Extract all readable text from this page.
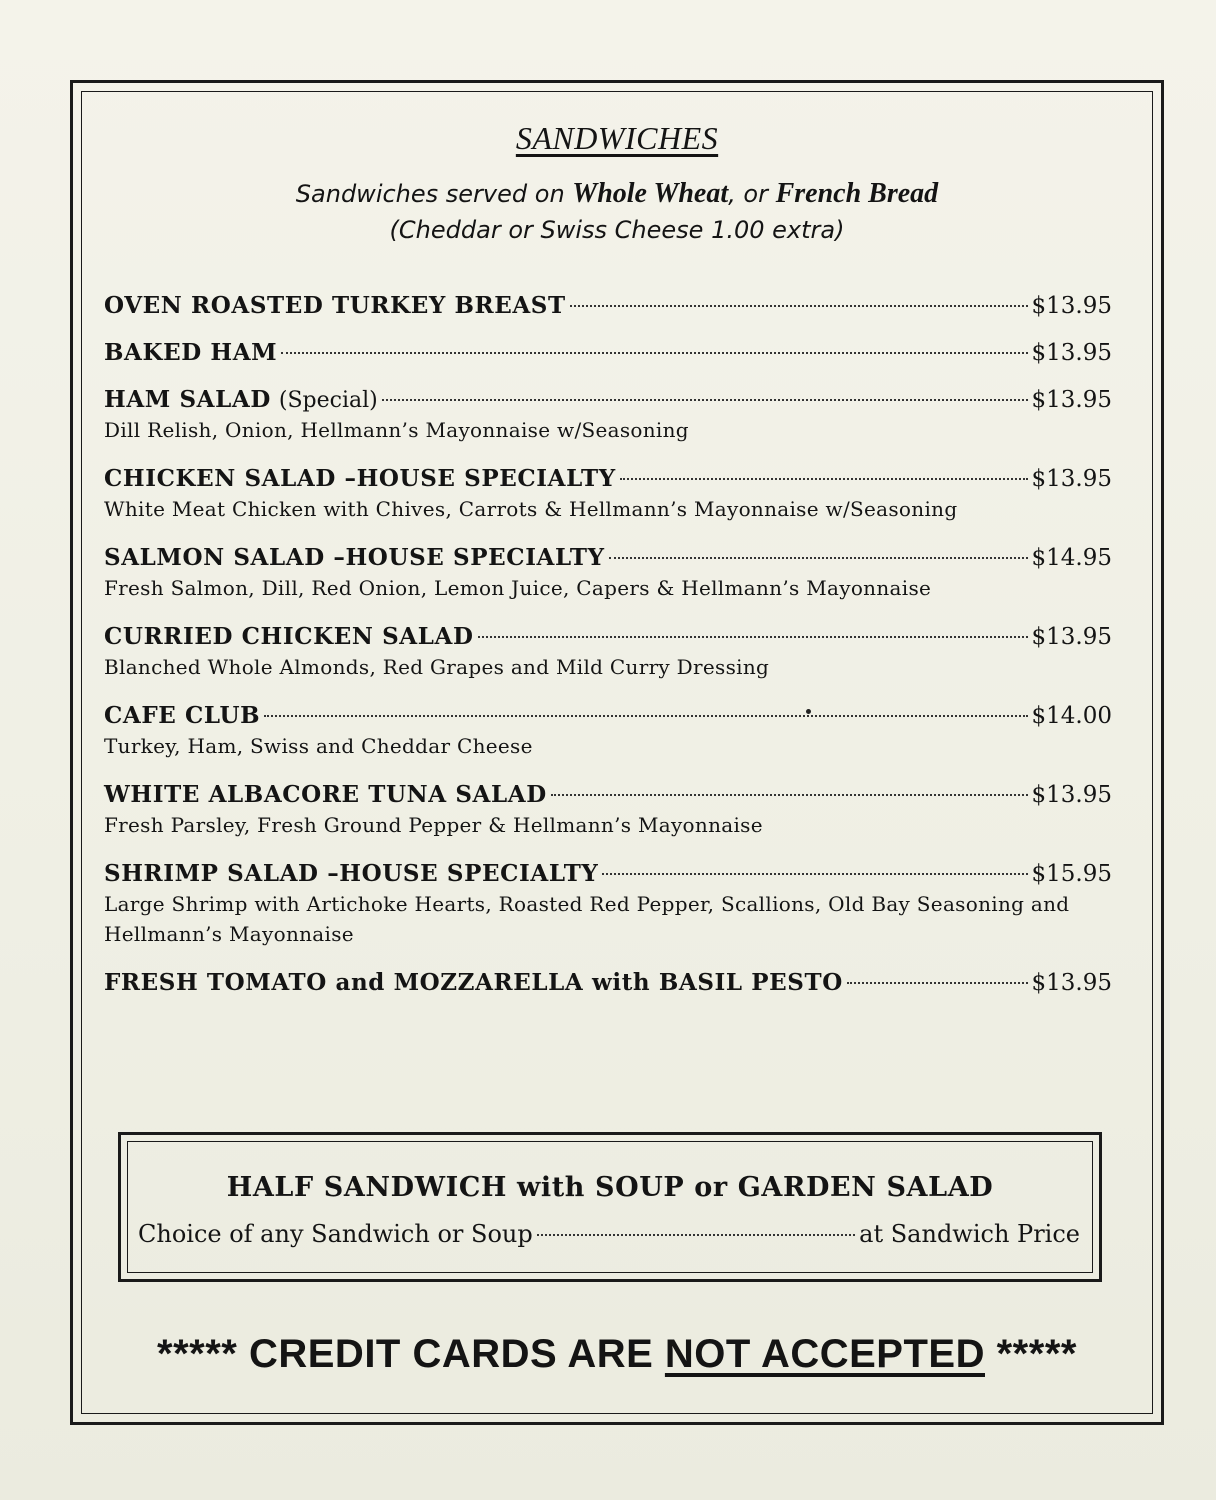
SANDWICHES
Sandwiches served on Whole Wheat, or French Bread
(Cheddar or Swiss Cheese 1.00 extra)
OVEN ROASTED TURKEY BREAST	$13.95
BAKED HAM	$13.95
HAM SALAD (Special)	$13.95
Dill Relish, Onion, Hellmann’s Mayonnaise w/Seasoning
CHICKEN SALAD –HOUSE SPECIALTY	$13.95
White Meat Chicken with Chives, Carrots & Hellmann’s Mayonnaise w/Seasoning
SALMON SALAD –HOUSE SPECIALTY	$14.95
Fresh Salmon, Dill, Red Onion, Lemon Juice, Capers & Hellmann’s Mayonnaise
CURRIED CHICKEN SALAD	$13.95
Blanched Whole Almonds, Red Grapes and Mild Curry Dressing
CAFE CLUB	$14.00
Turkey, Ham, Swiss and Cheddar Cheese
WHITE ALBACORE TUNA SALAD	$13.95
Fresh Parsley, Fresh Ground Pepper & Hellmann’s Mayonnaise
SHRIMP SALAD –HOUSE SPECIALTY	$15.95
Large Shrimp with Artichoke Hearts, Roasted Red Pepper, Scallions, Old Bay Seasoning and Hellmann’s Mayonnaise
FRESH TOMATO and MOZZARELLA with BASIL PESTO	$13.95
HALF SANDWICH with SOUP or GARDEN SALAD
Choice of any Sandwich or Soup	at Sandwich Price
***** CREDIT CARDS ARE NOT ACCEPTED *****
